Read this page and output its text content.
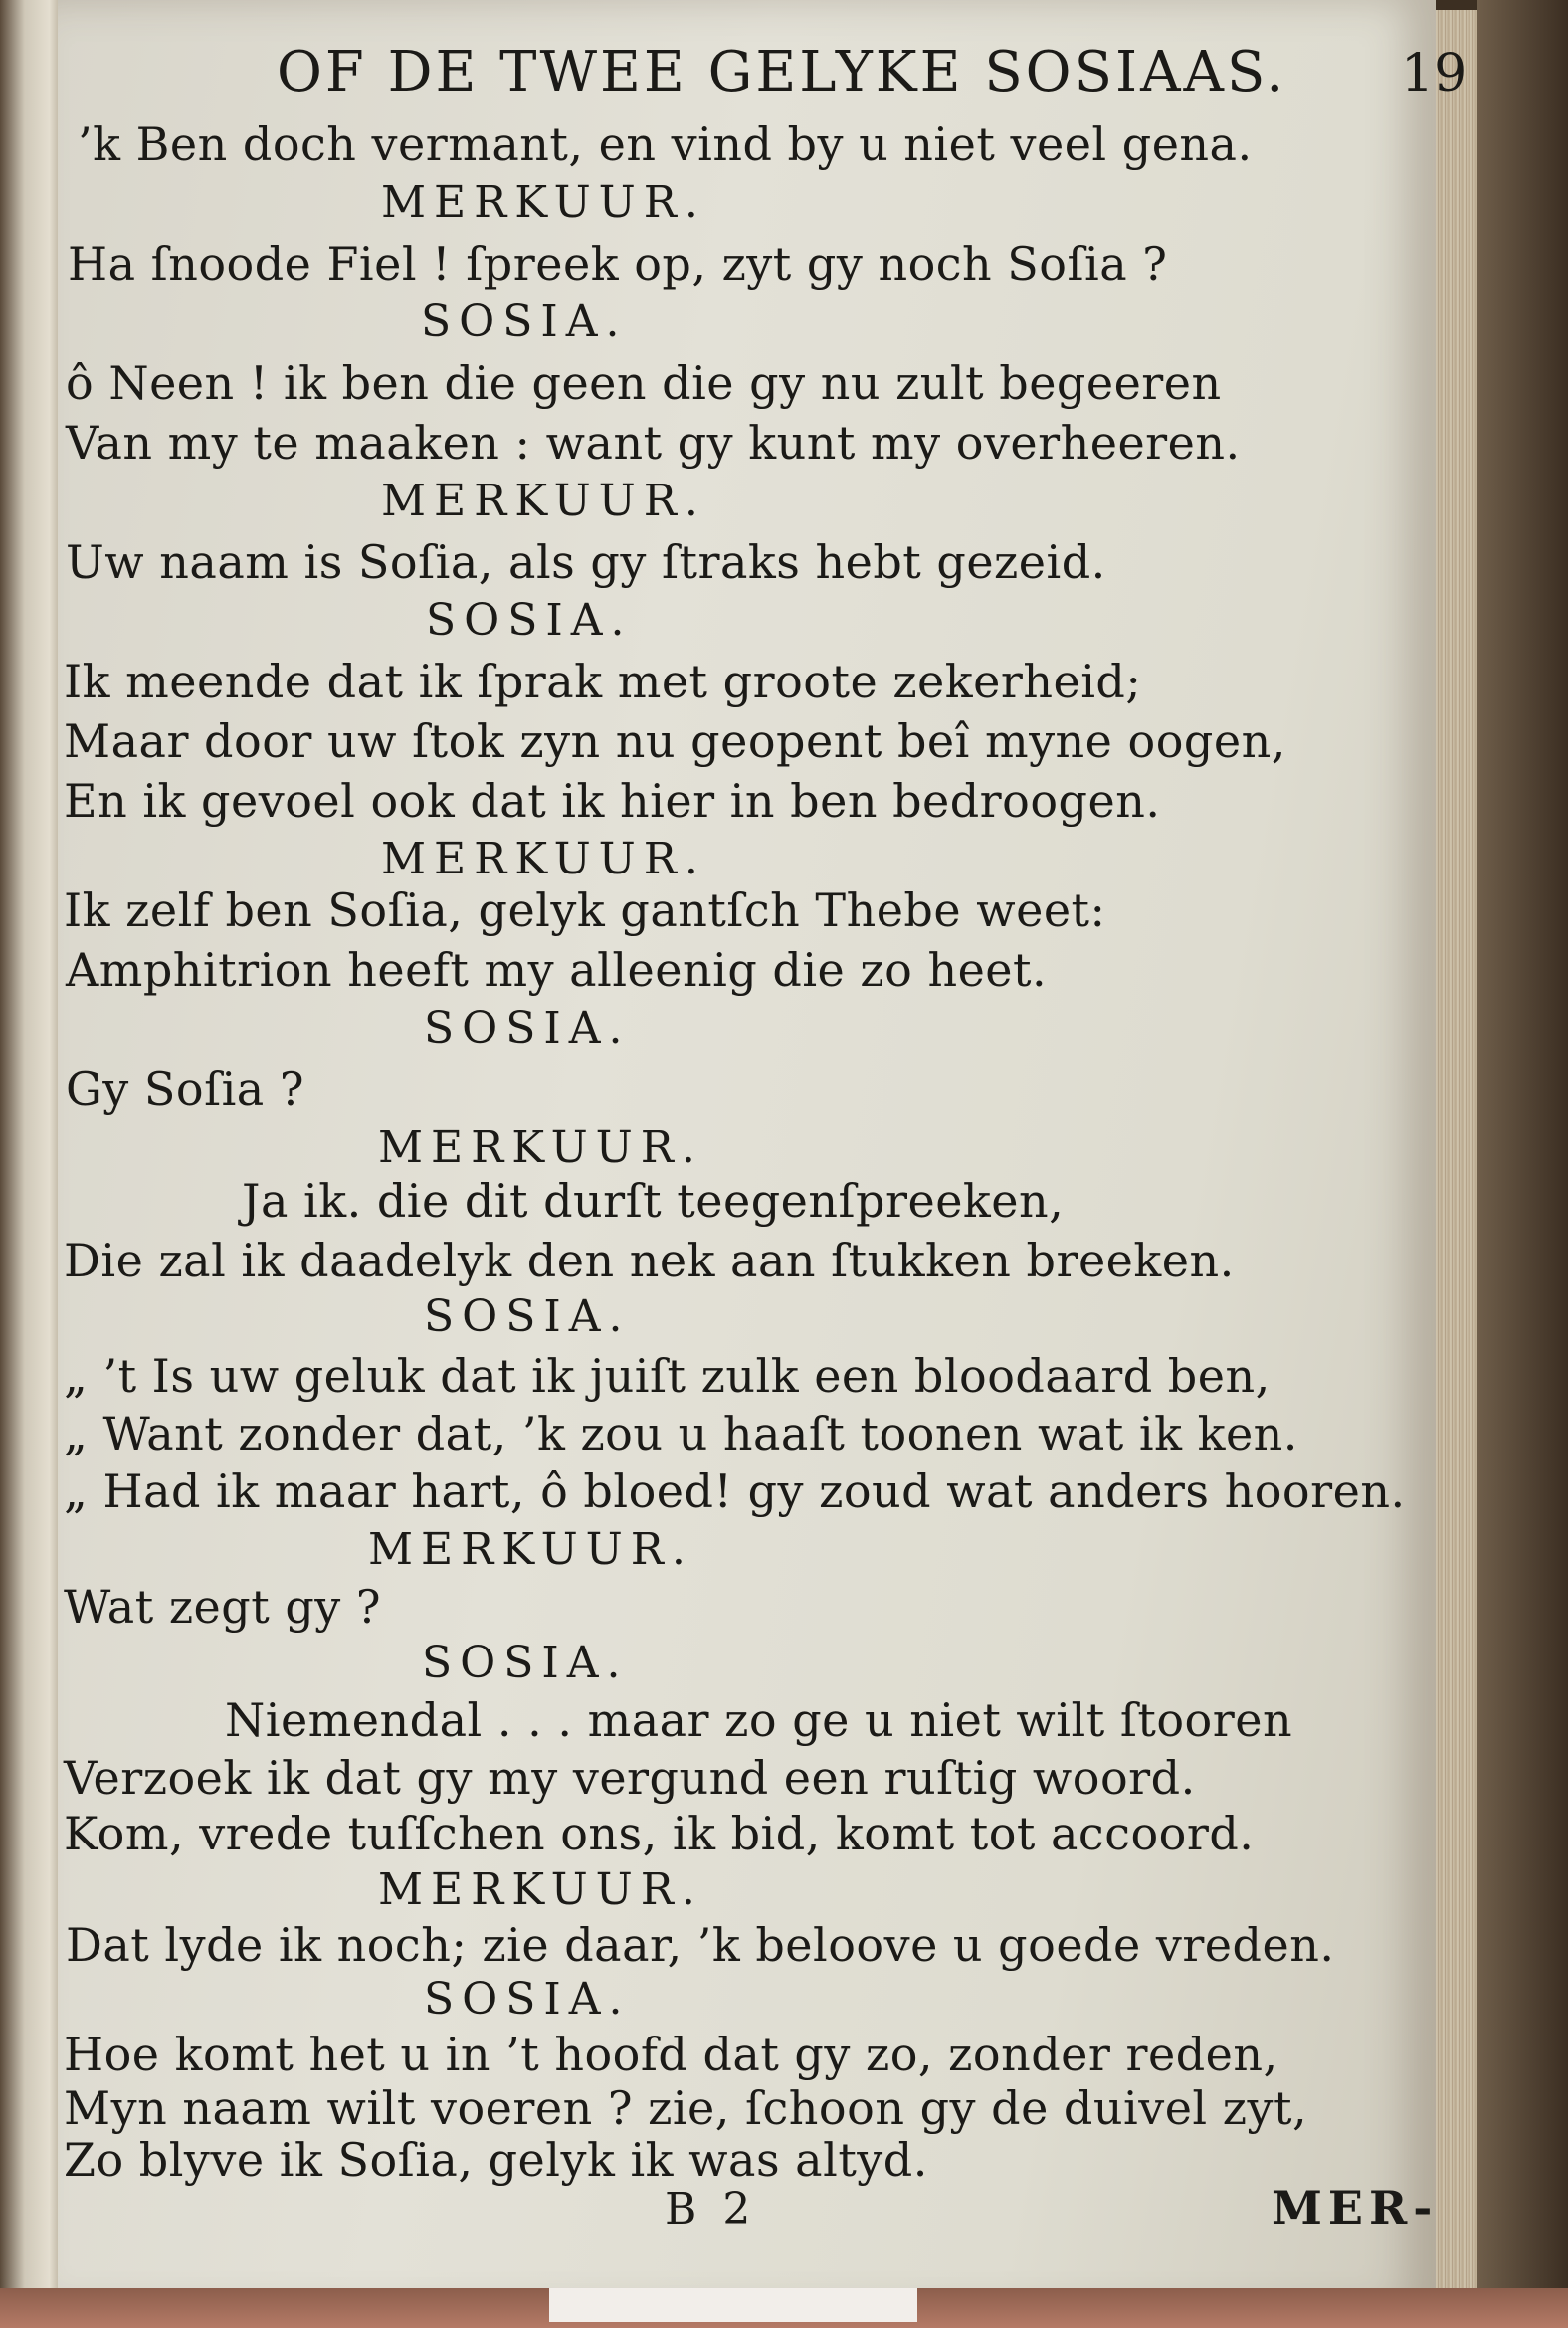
OF DE TWEE GELYKE SOSIAAS. 19
’k Ben doch vermant, en vind by u niet veel gena.
MERKUUR.
Ha ſnoode Fiel ! ſpreek op, zyt gy noch Soſia ?
SOSIA.
ô Neen ! ik ben die geen die gy nu zult begeeren
Van my te maaken : want gy kunt my overheeren.
MERKUUR.
Uw naam is Soſia, als gy ſtraks hebt gezeid.
SOSIA.
Ik meende dat ik ſprak met groote zekerheid;
Maar door uw ſtok zyn nu geopent beî myne oogen,
En ik gevoel ook dat ik hier in ben bedroogen.
MERKUUR.
Ik zelf ben Soſia, gelyk gantſch Thebe weet:
Amphitrion heeft my alleenig die zo heet.
SOSIA.
Gy Soſia ?
MERKUUR.
Ja ik. die dit durſt teegenſpreeken,
Die zal ik daadelyk den nek aan ſtukken breeken.
SOSIA.
„ ’t Is uw geluk dat ik juiſt zulk een bloodaard ben,
„ Want zonder dat, ’k zou u haaſt toonen wat ik ken.
„ Had ik maar hart, ô bloed! gy zoud wat anders hooren.
MERKUUR.
Wat zegt gy ?
SOSIA.
Niemendal . . . maar zo ge u niet wilt ſtooren
Verzoek ik dat gy my vergund een ruſtig woord.
Kom, vrede tuſſchen ons, ik bid, komt tot accoord.
MERKUUR.
Dat lyde ik noch; zie daar, ’k beloove u goede vreden.
SOSIA.
Hoe komt het u in ’t hoofd dat gy zo, zonder reden,
Myn naam wilt voeren ? zie, ſchoon gy de duivel zyt,
Zo blyve ik Soſia, gelyk ik was altyd.
B 2	MER-
